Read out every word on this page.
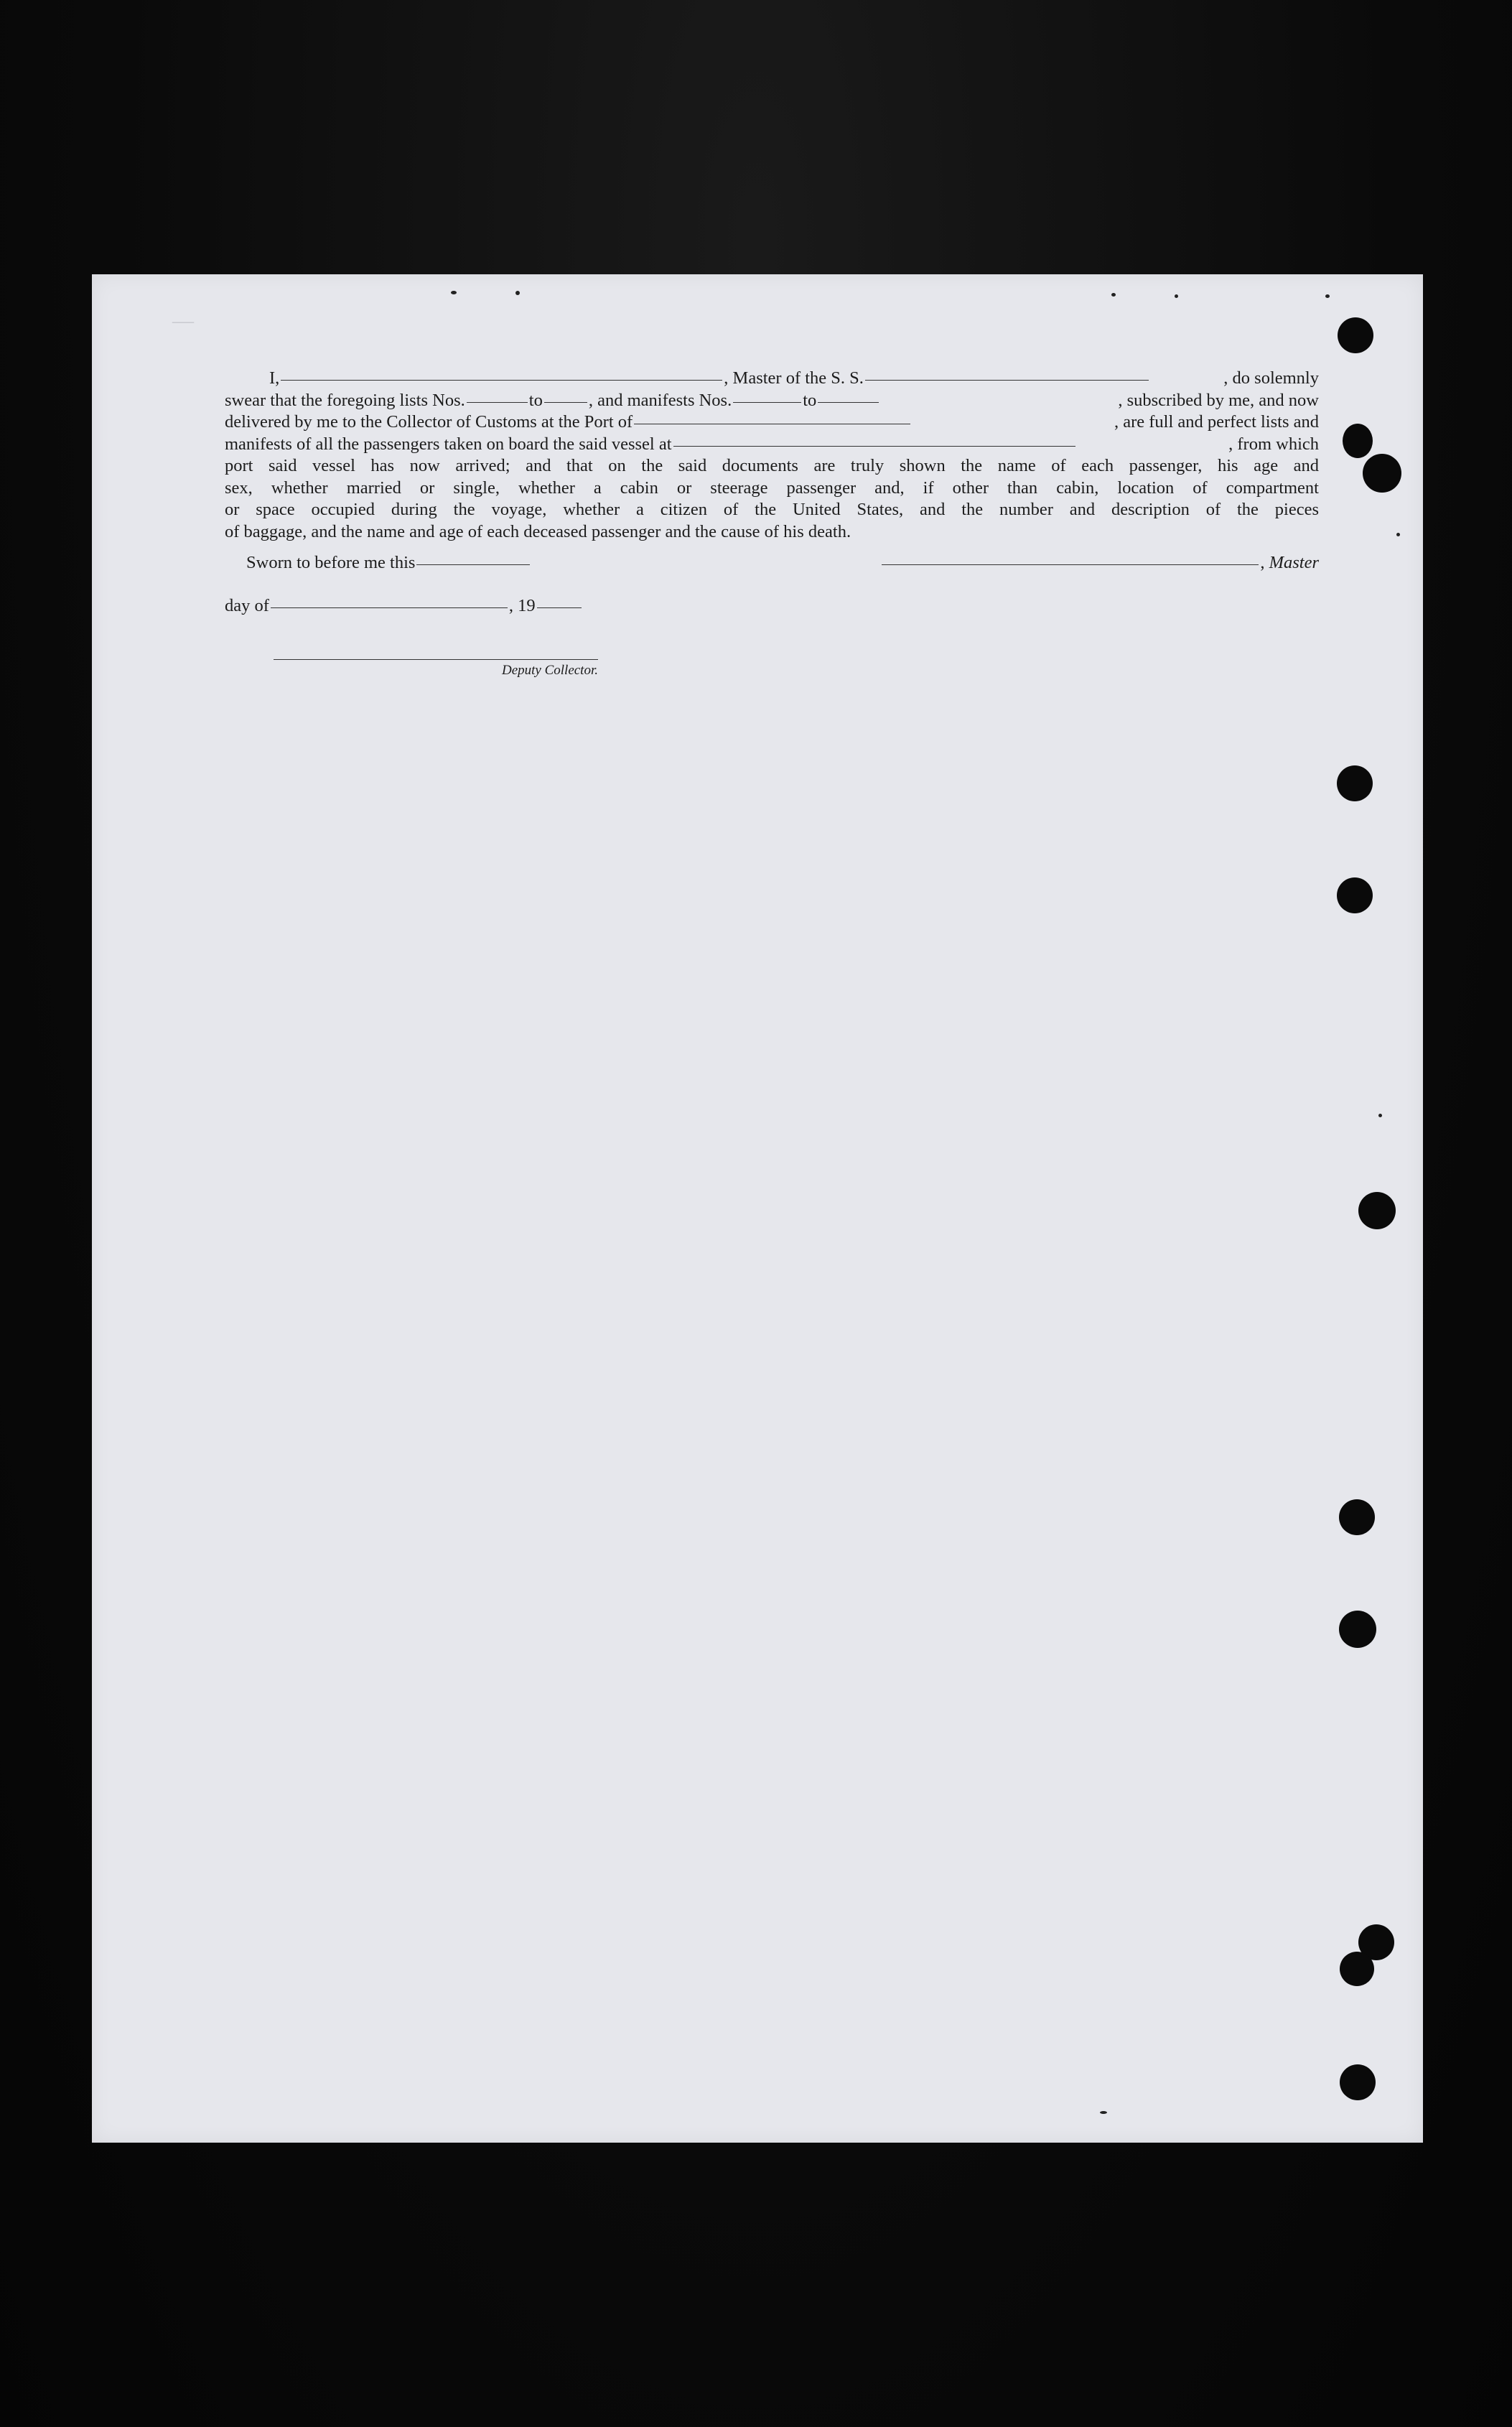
—
I,	, Master of the S. S.	, do solemnly
swear that the foregoing lists Nos.	to	, and manifests Nos.	to	, subscribed by me, and now
delivered by me to the Collector of Customs at the Port of	, are full and perfect lists and
manifests of all the passengers taken on board the said vessel at	, from which
port said vessel has now arrived; and that on the said documents are truly shown the name of each passenger, his age and
sex, whether married or single, whether a cabin or steerage passenger and, if other than cabin, location of compartment
or space occupied during the voyage, whether a citizen of the United States, and the number and description of the pieces
of baggage, and the name and age of each deceased passenger and the cause of his death.
Sworn to before me this	, Master
day of	, 19
Deputy Collector.
